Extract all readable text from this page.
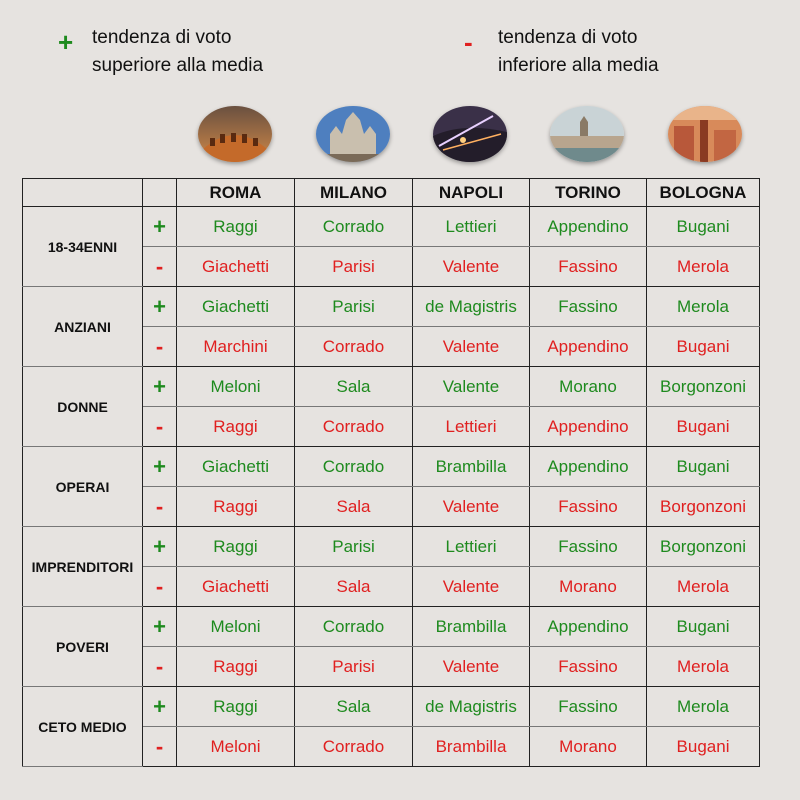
+ tendenza di voto
superiore alla media
- tendenza di voto
inferiore alla media
		ROMA	MILANO	NAPOLI	TORINO	BOLOGNA
18-34ENNI	+	Raggi	Corrado	Lettieri	Appendino	Bugani
	-	Giachetti	Parisi	Valente	Fassino	Merola
ANZIANI	+	Giachetti	Parisi	de Magistris	Fassino	Merola
	-	Marchini	Corrado	Valente	Appendino	Bugani
DONNE	+	Meloni	Sala	Valente	Morano	Borgonzoni
	-	Raggi	Corrado	Lettieri	Appendino	Bugani
OPERAI	+	Giachetti	Corrado	Brambilla	Appendino	Bugani
	-	Raggi	Sala	Valente	Fassino	Borgonzoni
IMPRENDITORI	+	Raggi	Parisi	Lettieri	Fassino	Borgonzoni
	-	Giachetti	Sala	Valente	Morano	Merola
POVERI	+	Meloni	Corrado	Brambilla	Appendino	Bugani
	-	Raggi	Parisi	Valente	Fassino	Merola
CETO MEDIO	+	Raggi	Sala	de Magistris	Fassino	Merola
	-	Meloni	Corrado	Brambilla	Morano	Bugani
